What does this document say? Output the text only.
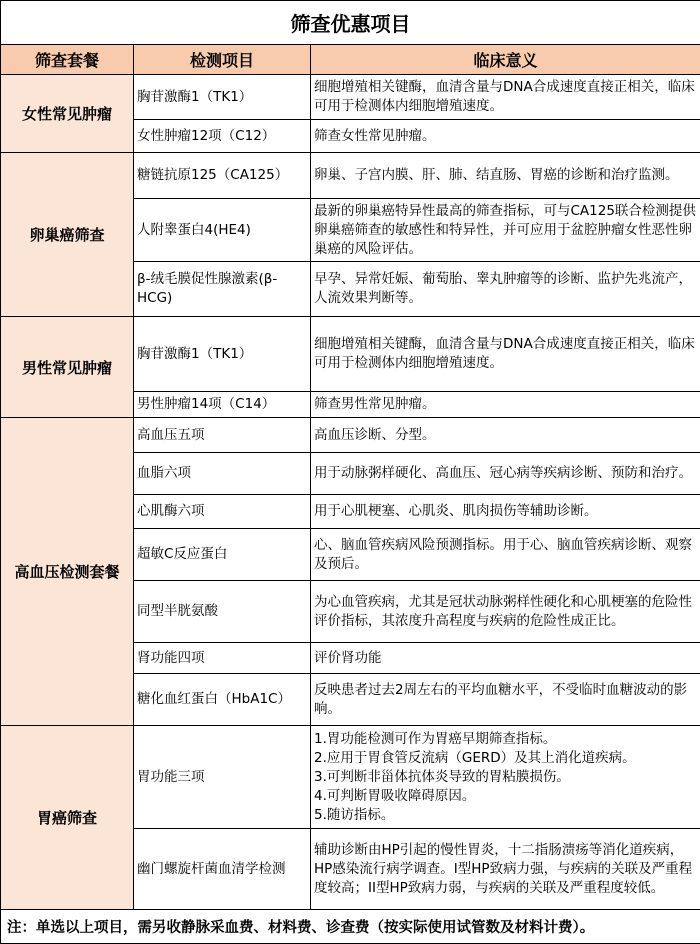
筛查优惠项目		
筛查套餐	检测项目	临床意义
女性常见肿瘤	胸苷激酶1（TK1）	细胞增殖相关键酶，血清含量与DNA合成速度直接正相关，临床可用于检测体内细胞增殖速度。
	女性肿瘤12项（C12）	筛查女性常见肿瘤。
卵巢癌筛查	糖链抗原125（CA125）	卵巢、子宫内膜、肝、肺、结直肠、胃癌的诊断和治疗监测。
	人附睾蛋白4(HE4)	最新的卵巢癌特异性最高的筛查指标，可与CA125联合检测提供卵巢癌筛查的敏感性和特异性，并可应用于盆腔肿瘤女性恶性卵巢癌的风险评估。
	β-绒毛膜促性腺激素(β-HCG)	早孕、异常妊娠、葡萄胎、睾丸肿瘤等的诊断、监护先兆流产，人流效果判断等。
男性常见肿瘤	胸苷激酶1（TK1）	细胞增殖相关键酶，血清含量与DNA合成速度直接正相关，临床可用于检测体内细胞增殖速度。
	男性肿瘤14项（C14）	筛查男性常见肿瘤。
高血压检测套餐	高血压五项	高血压诊断、分型。
	血脂六项	用于动脉粥样硬化、高血压、冠心病等疾病诊断、预防和治疗。
	心肌酶六项	用于心肌梗塞、心肌炎、肌肉损伤等辅助诊断。
	超敏C反应蛋白	心、脑血管疾病风险预测指标。用于心、脑血管疾病诊断、观察及预后。
	同型半胱氨酸	为心血管疾病，尤其是冠状动脉粥样性硬化和心肌梗塞的危险性评价指标，其浓度升高程度与疾病的危险性成正比。
	肾功能四项	评价肾功能
	糖化血红蛋白（HbA1C）	反映患者过去2周左右的平均血糖水平，不受临时血糖波动的影响。
胃癌筛查	胃功能三项	1.胃功能检测可作为胃癌早期筛查指标。
2.应用于胃食管反流病（GERD）及其上消化道疾病。
3.可判断非甾体抗体炎导致的胃粘膜损伤。
4.可判断胃吸收障碍原因。
5.随访指标。

	幽门螺旋杆菌血清学检测	辅助诊断由HP引起的慢性胃炎，十二指肠溃疡等消化道疾病，HP感染流行病学调查。I型HP致病力强，与疾病的关联及严重程度较高；II型HP致病力弱，与疾病的关联及严重程度较低。
注：单选以上项目，需另收静脉采血费、材料费、诊查费（按实际使用试管数及材料计费）。		
